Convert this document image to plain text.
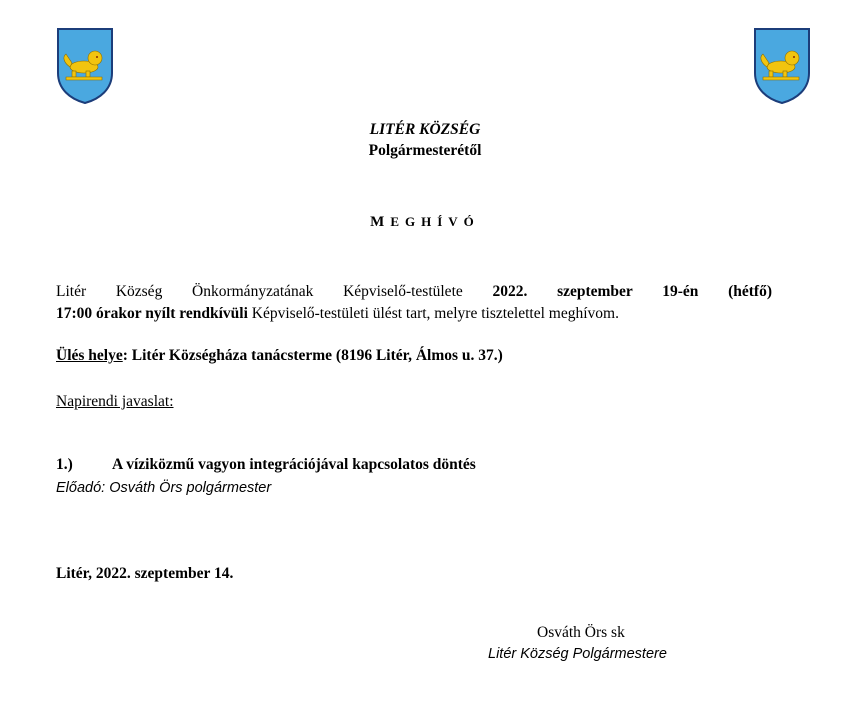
LITÉR KÖZSÉG
Polgármesterétől
MEGHÍVÓ
Litér Község Önkormányzatának Képviselő-testülete 2022. szeptember 19-én (hétfő)
17:00 órakor nyílt rendkívüli Képviselő-testületi ülést tart, melyre tisztelettel meghívom.
Ülés helye: Litér Községháza tanácsterme (8196 Litér, Álmos u. 37.)
Napirendi javaslat:
1.)	A víziközmű vagyon integrációjával kapcsolatos döntés
Előadó: Osváth Örs polgármester
Litér, 2022. szeptember 14.
Osváth Örs sk
Litér Község Polgármestere
